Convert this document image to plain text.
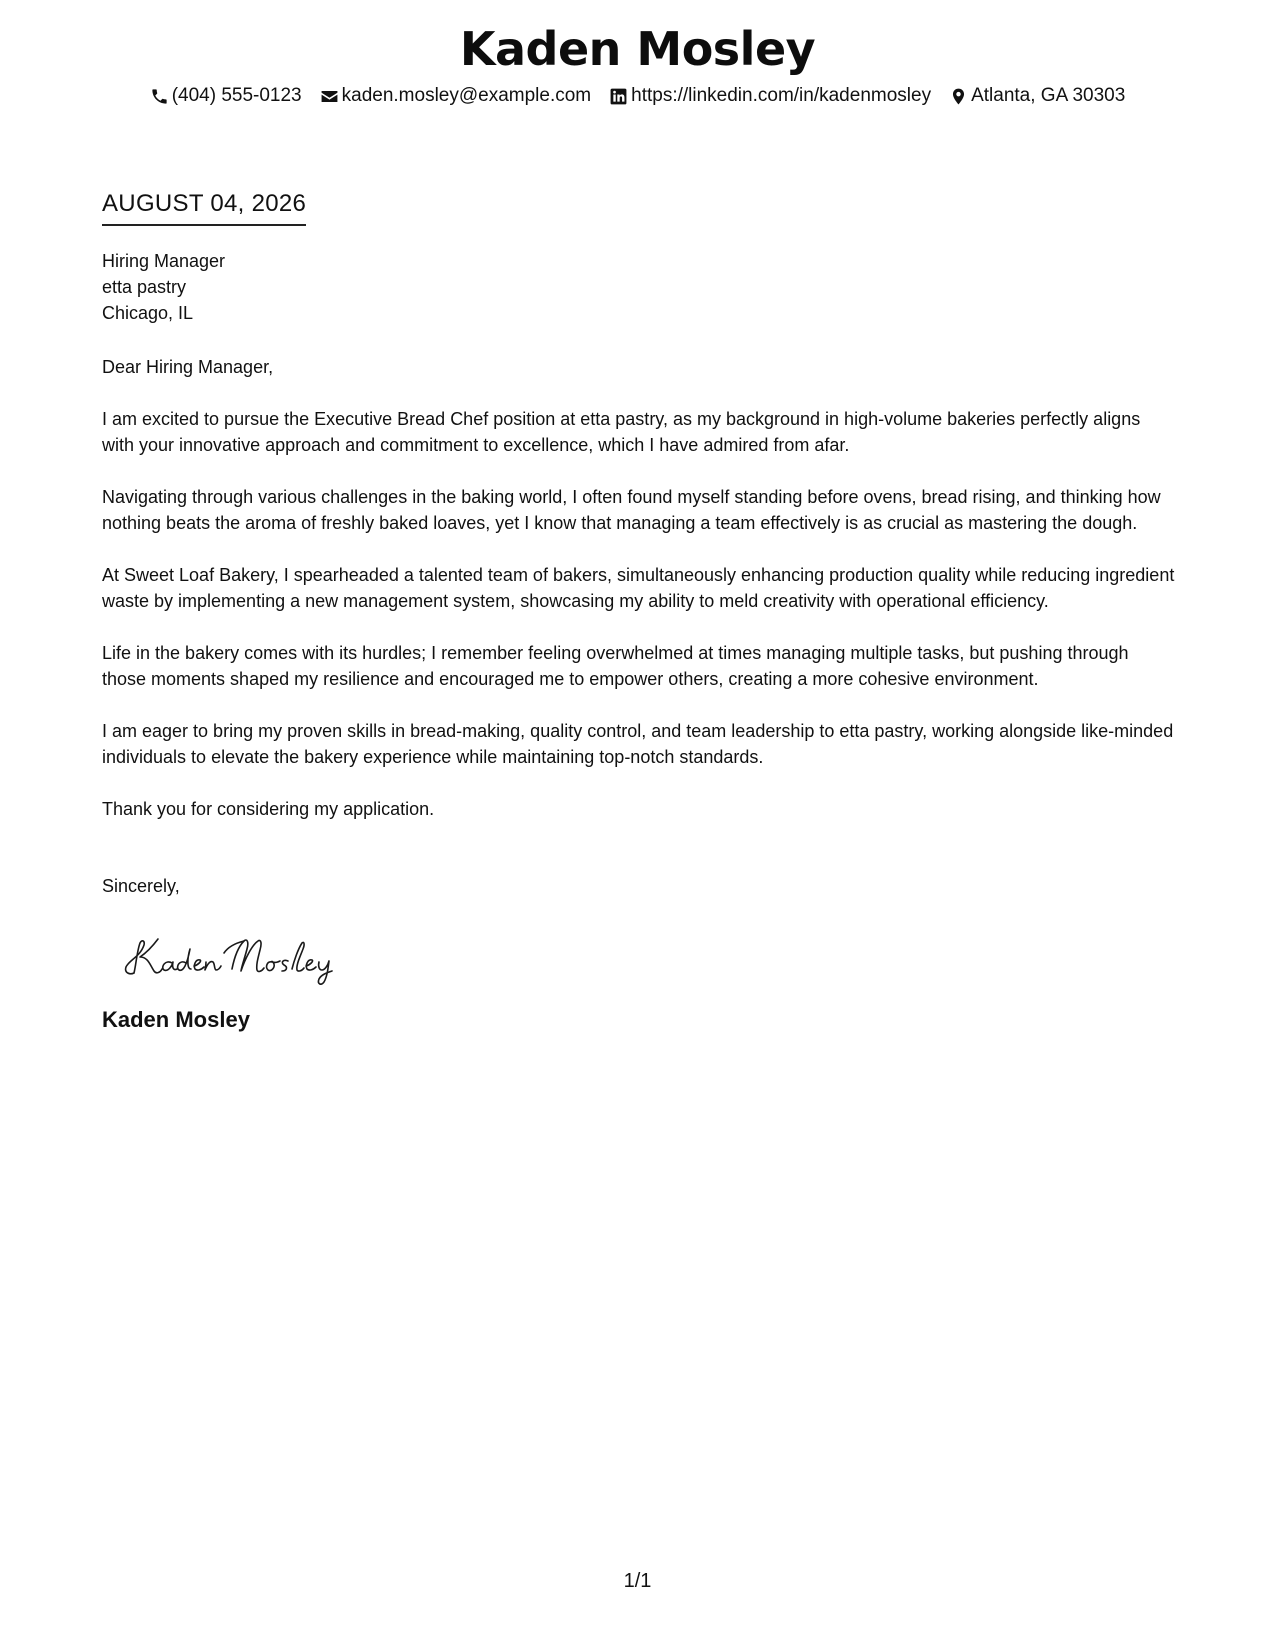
Kaden Mosley
(404) 555-0123 kaden.mosley@example.com https://linkedin.com/in/kadenmosley Atlanta, GA 30303
AUGUST 04, 2026

Hiring Manager

etta pastry

Chicago, IL

Dear Hiring Manager,

I am excited to pursue the Executive Bread Chef position at etta pastry, as my background in high-volume bakeries perfectly aligns with your innovative approach and commitment to excellence, which I have admired from afar.

Navigating through various challenges in the baking world, I often found myself standing before ovens, bread rising, and thinking how nothing beats the aroma of freshly baked loaves, yet I know that managing a team effectively is as crucial as mastering the dough.

At Sweet Loaf Bakery, I spearheaded a talented team of bakers, simultaneously enhancing production quality while reducing ingredient waste by implementing a new management system, showcasing my ability to meld creativity with operational efficiency.

Life in the bakery comes with its hurdles; I remember feeling overwhelmed at times managing multiple tasks, but pushing through those moments shaped my resilience and encouraged me to empower others, creating a more cohesive environment.

I am eager to bring my proven skills in bread-making, quality control, and team leadership to etta pastry, working alongside like-minded individuals to elevate the bakery experience while maintaining top-notch standards.

Thank you for considering my application.

Sincerely,

Kaden Mosley

1/1
